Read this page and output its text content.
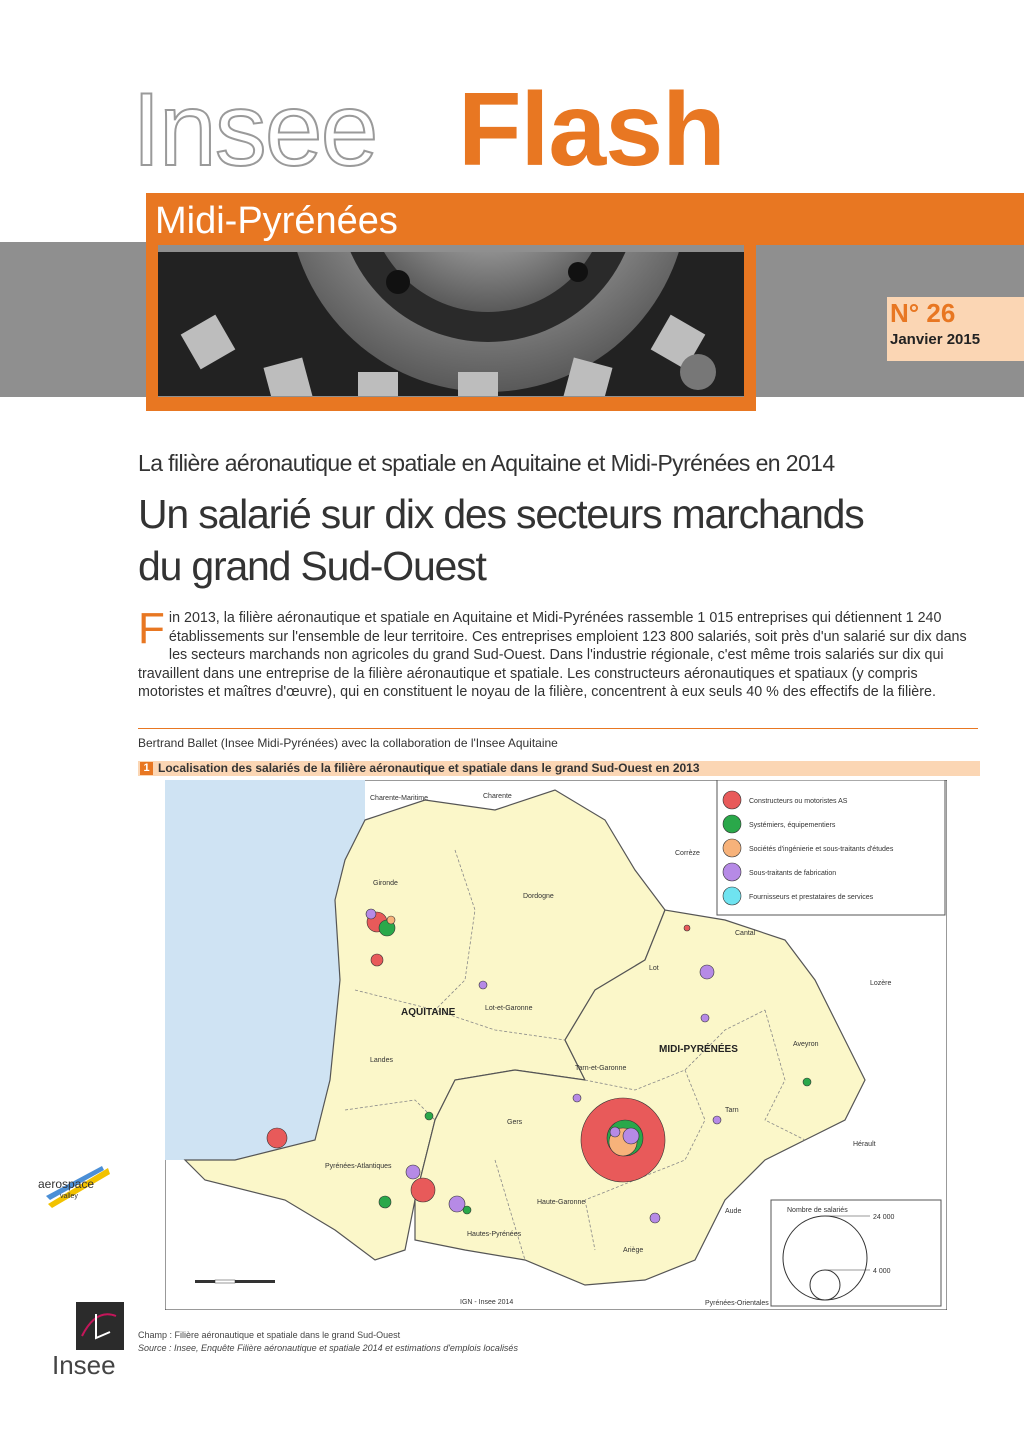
Insee Flash
Midi-Pyrénées
N° 26
Janvier 2015
La filière aéronautique et spatiale en Aquitaine et Midi-Pyrénées en 2014
Un salarié sur dix des secteurs marchands du grand Sud-Ouest
Fin 2013, la filière aéronautique et spatiale en Aquitaine et Midi-Pyrénées rassemble 1 015 entreprises qui détiennent 1 240 établissements sur l'ensemble de leur territoire. Ces entreprises emploient 123 800 salariés, soit près d'un salarié sur dix dans les secteurs marchands non agricoles du grand Sud-Ouest. Dans l'industrie régionale, c'est même trois salariés sur dix qui travaillent dans une entreprise de la filière aéronautique et spatiale. Les constructeurs aéronautiques et spatiaux (y compris motoristes et maîtres d'œuvre), qui en constituent le noyau de la filière, concentrent à eux seuls 40 % des effectifs de la filière.
Bertrand Ballet (Insee Midi-Pyrénées) avec la collaboration de l'Insee Aquitaine
1 Localisation des salariés de la filière aéronautique et spatiale dans le grand Sud-Ouest en 2013
Nombre de salariés
24 000
4 000
Constructeurs ou motoristes AS
Systémiers, équipementiers
Sociétés d'ingénierie et sous-traitants d'études
Sous-traitants de fabrication
Fournisseurs et prestataires de services
AQUITAINE
MIDI-PYRÉNÉES
Gironde
Dordogne
Lot-et-Garonne
Landes
Pyrénées-Atlantiques
Lot
Aveyron
Tarn-et-Garonne
Tarn
Gers
Haute-Garonne
Hautes-Pyrénées
Ariège
Charente-Maritime	Charente
Corrèze
Cantal
Lozère
Hérault
Aude
Pyrénées-Orientales
IGN - Insee 2014
aerospace
valley
Insee
Champ : Filière aéronautique et spatiale dans le grand Sud-Ouest
Source : Insee, Enquête Filière aéronautique et spatiale 2014 et estimations d'emplois localisés
